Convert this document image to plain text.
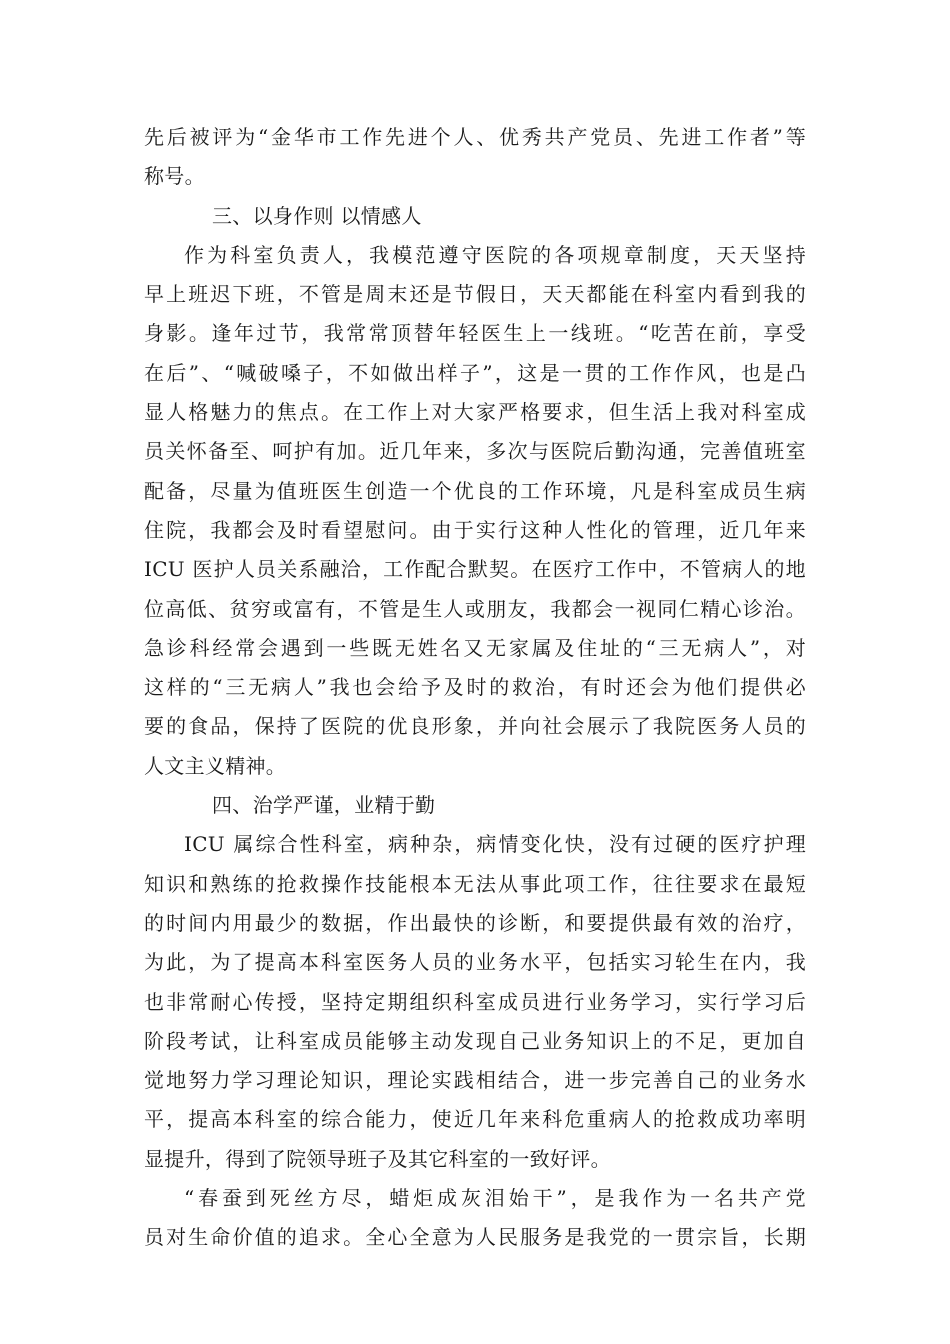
先后被评为“金华市工作先进个人、优秀共产党员、先进工作者”等
称号。
三、以身作则 以情感人
作为科室负责人，我模范遵守医院的各项规章制度，天天坚持
早上班迟下班，不管是周末还是节假日，天天都能在科室内看到我的
身影。逢年过节，我常常顶替年轻医生上一线班。“吃苦在前，享受
在后”、“喊破嗓子，不如做出样子”，这是一贯的工作作风，也是凸
显人格魅力的焦点。在工作上对大家严格要求，但生活上我对科室成
员关怀备至、呵护有加。近几年来，多次与医院后勤沟通，完善值班室
配备，尽量为值班医生创造一个优良的工作环境，凡是科室成员生病
住院，我都会及时看望慰问。由于实行这种人性化的管理，近几年来
ICU 医护人员关系融洽，工作配合默契。在医疗工作中，不管病人的地
位高低、贫穷或富有，不管是生人或朋友，我都会一视同仁精心诊治。
急诊科经常会遇到一些既无姓名又无家属及住址的“三无病人”，对
这样的“三无病人”我也会给予及时的救治，有时还会为他们提供必
要的食品，保持了医院的优良形象，并向社会展示了我院医务人员的
人文主义精神。
四、治学严谨，业精于勤
ICU 属综合性科室，病种杂，病情变化快，没有过硬的医疗护理
知识和熟练的抢救操作技能根本无法从事此项工作，往往要求在最短
的时间内用最少的数据，作出最快的诊断，和要提供最有效的治疗，
为此，为了提高本科室医务人员的业务水平，包括实习轮生在内，我
也非常耐心传授，坚持定期组织科室成员进行业务学习，实行学习后
阶段考试，让科室成员能够主动发现自己业务知识上的不足，更加自
觉地努力学习理论知识，理论实践相结合，进一步完善自己的业务水
平，提高本科室的综合能力，使近几年来科危重病人的抢救成功率明
显提升，得到了院领导班子及其它科室的一致好评。
“春蚕到死丝方尽，蜡炬成灰泪始干”，是我作为一名共产党
员对生命价值的追求。全心全意为人民服务是我党的一贯宗旨，长期
